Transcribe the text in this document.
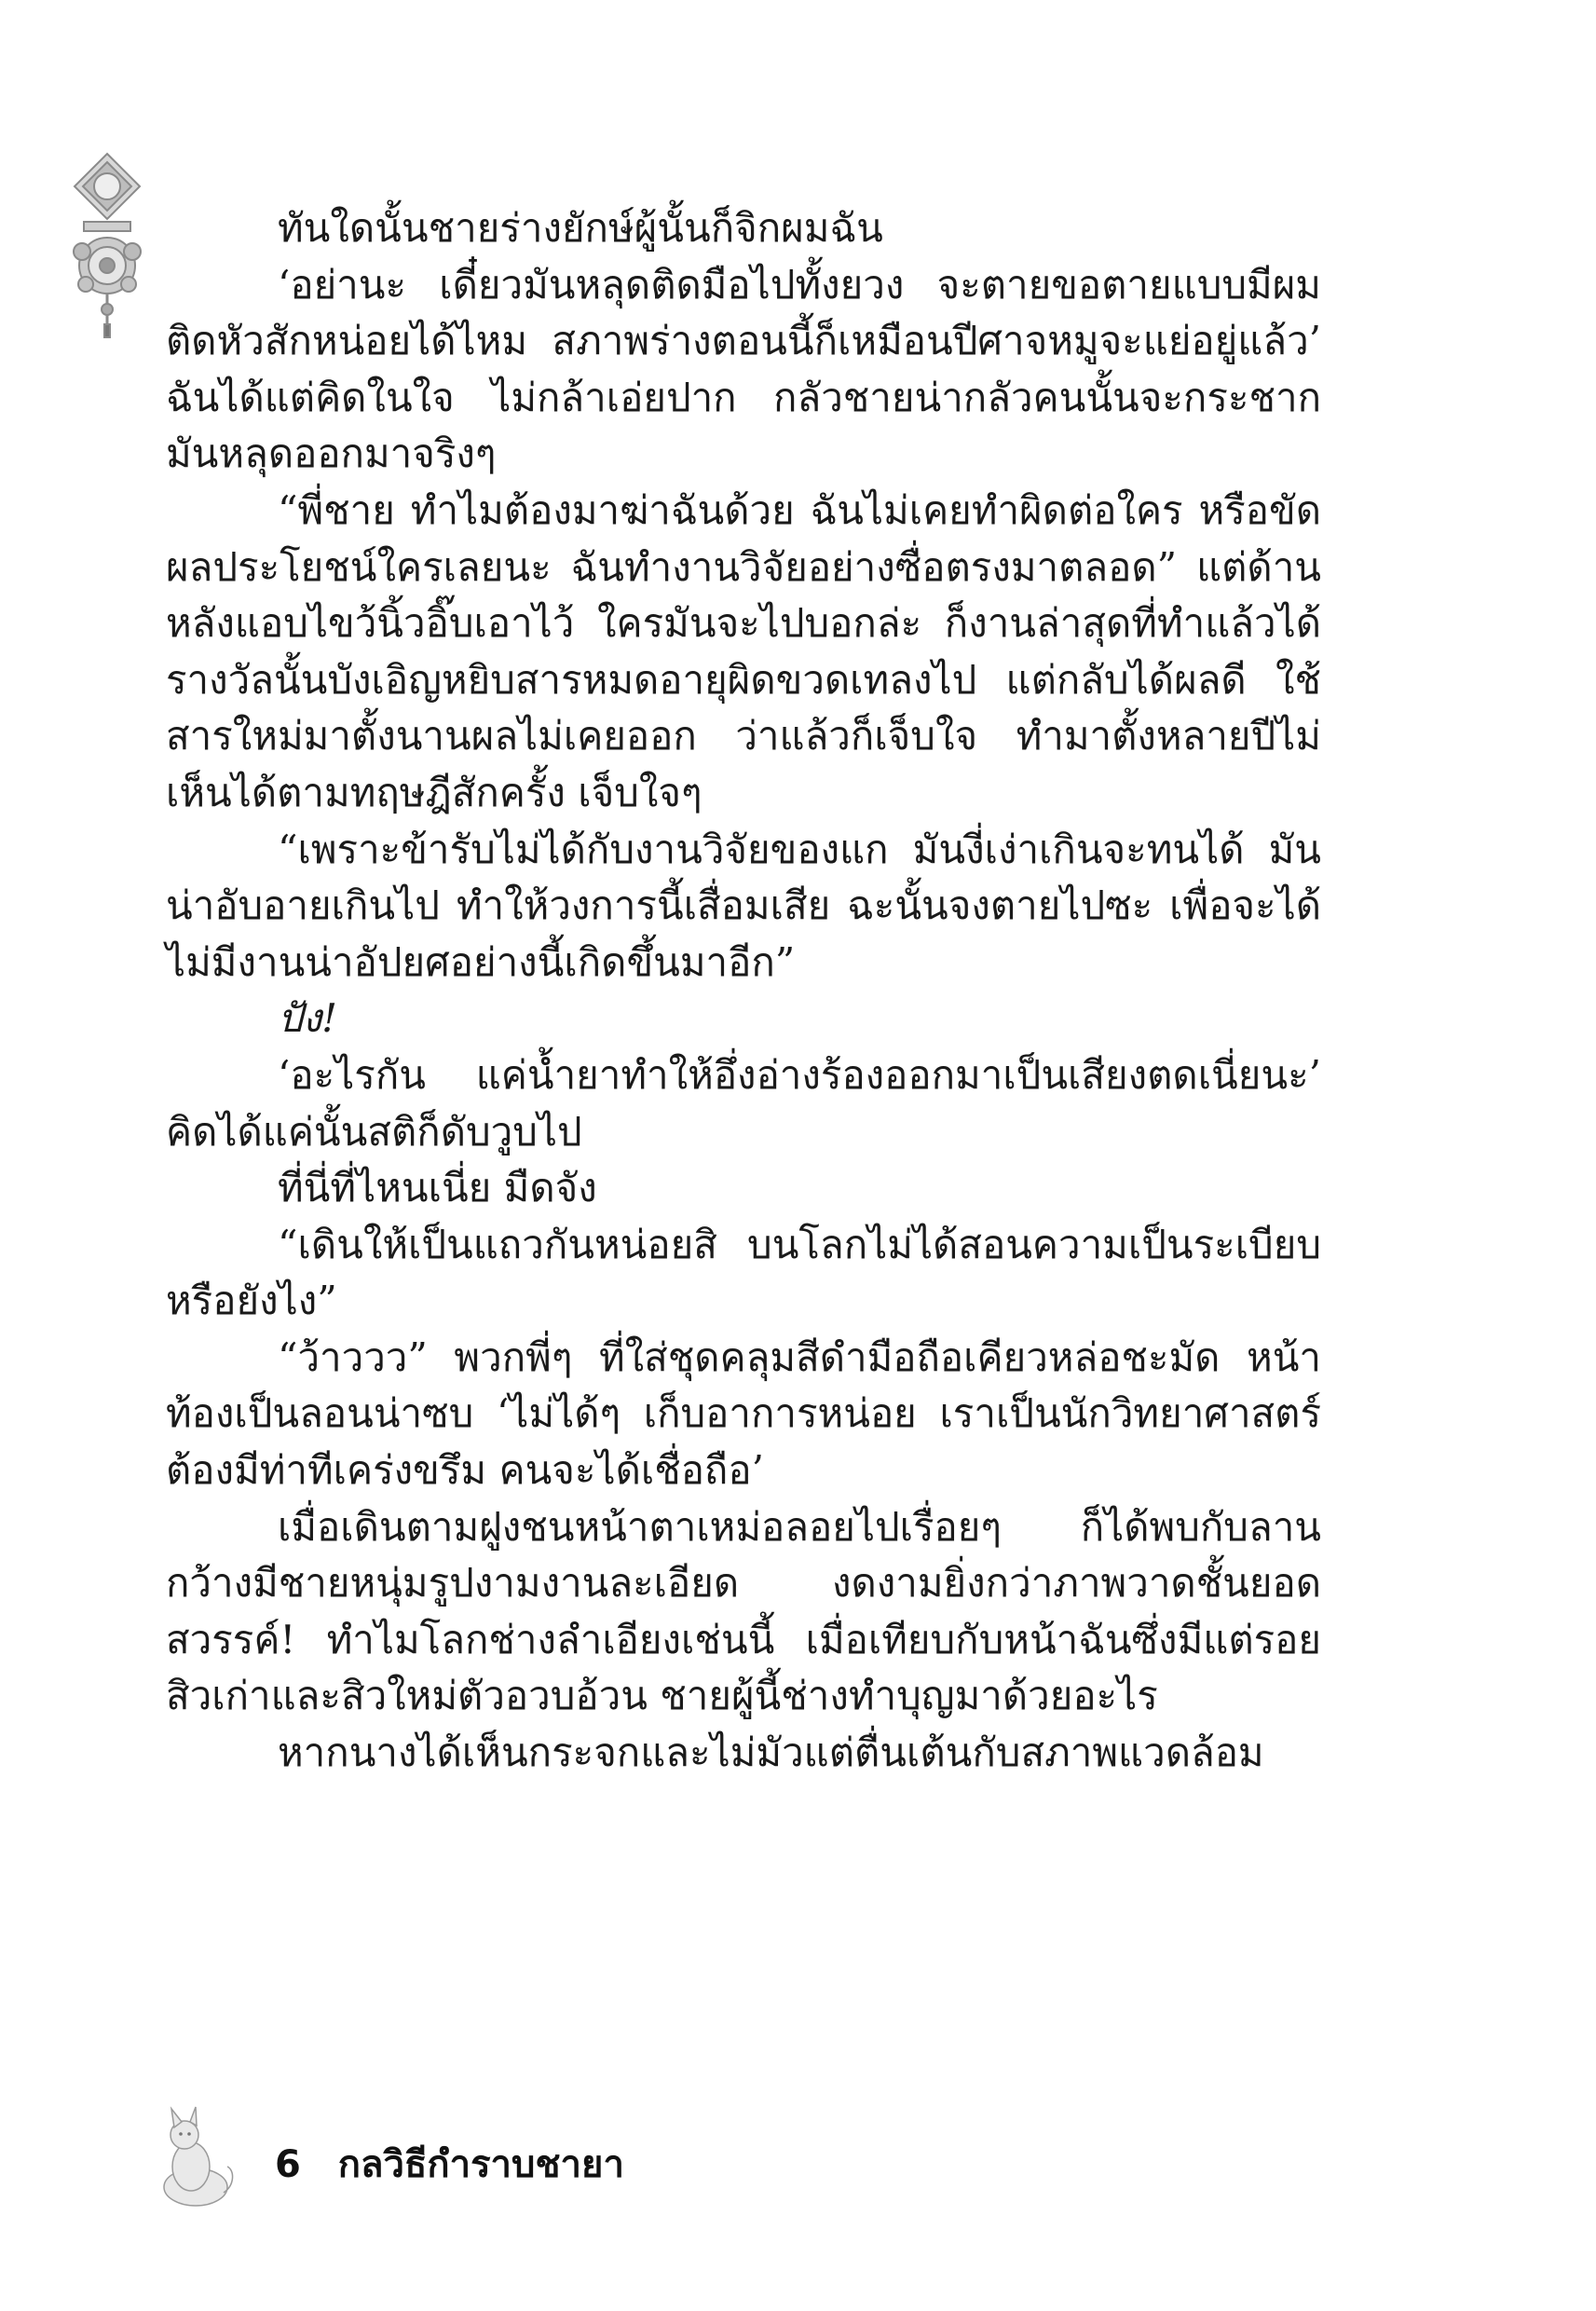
ทันใดนั้นชายร่างยักษ์ผู้นั้นก็จิกผมฉัน

‘อย่านะ เดี๋ยวมันหลุดติดมือไปทั้งยวง จะตายขอตายแบบมีผมติดหัวสักหน่อยได้ไหม สภาพร่างตอนนี้ก็เหมือนปีศาจหมูจะแย่อยู่แล้ว’ ฉันได้แต่คิดในใจ ไม่กล้าเอ่ยปาก กลัวชายน่ากลัวคนนั้นจะกระชากมันหลุดออกมาจริงๆ

“พี่ชาย ทำไมต้องมาฆ่าฉันด้วย ฉันไม่เคยทำผิดต่อใคร หรือขัดผลประโยชน์ใครเลยนะ ฉันทำงานวิจัยอย่างซื่อตรงมาตลอด” แต่ด้านหลังแอบไขว้นิ้วอิ๊บเอาไว้ ใครมันจะไปบอกล่ะ ก็งานล่าสุดที่ทำแล้วได้รางวัลนั้นบังเอิญหยิบสารหมดอายุผิดขวดเทลงไป แต่กลับได้ผลดี ใช้สารใหม่มาตั้งนานผลไม่เคยออก ว่าแล้วก็เจ็บใจ ทำมาตั้งหลายปีไม่เห็นได้ตามทฤษฎีสักครั้ง เจ็บใจๆ

“เพราะข้ารับไม่ได้กับงานวิจัยของแก มันงี่เง่าเกินจะทนได้ มันน่าอับอายเกินไป ทำให้วงการนี้เสื่อมเสีย ฉะนั้นจงตายไปซะ เพื่อจะได้ไม่มีงานน่าอัปยศอย่างนี้เกิดขึ้นมาอีก”

ปัง!

‘อะไรกัน แค่น้ำยาทำให้อึ่งอ่างร้องออกมาเป็นเสียงตดเนี่ยนะ’ คิดได้แค่นั้นสติก็ดับวูบไป

ที่นี่ที่ไหนเนี่ย มืดจัง

“เดินให้เป็นแถวกันหน่อยสิ บนโลกไม่ได้สอนความเป็นระเบียบหรือยังไง”

“ว้าววว” พวกพี่ๆ ที่ใส่ชุดคลุมสีดำมือถือเคียวหล่อชะมัด หน้าท้องเป็นลอนน่าซบ ‘ไม่ได้ๆ เก็บอาการหน่อย เราเป็นนักวิทยาศาสตร์ ต้องมีท่าทีเคร่งขรึม คนจะได้เชื่อถือ’

เมื่อเดินตามฝูงชนหน้าตาเหม่อลอยไปเรื่อยๆ ก็ได้พบกับลานกว้างมีชายหนุ่มรูปงามงานละเอียด งดงามยิ่งกว่าภาพวาดชั้นยอด สวรรค์! ทำไมโลกช่างลำเอียงเช่นนี้ เมื่อเทียบกับหน้าฉันซึ่งมีแต่รอยสิวเก่าและสิวใหม่ตัวอวบอ้วน ชายผู้นี้ช่างทำบุญมาด้วยอะไร

หากนางได้เห็นกระจกและไม่มัวแต่ตื่นเต้นกับสภาพแวดล้อม

6 กลวิธีกำราบชายา
